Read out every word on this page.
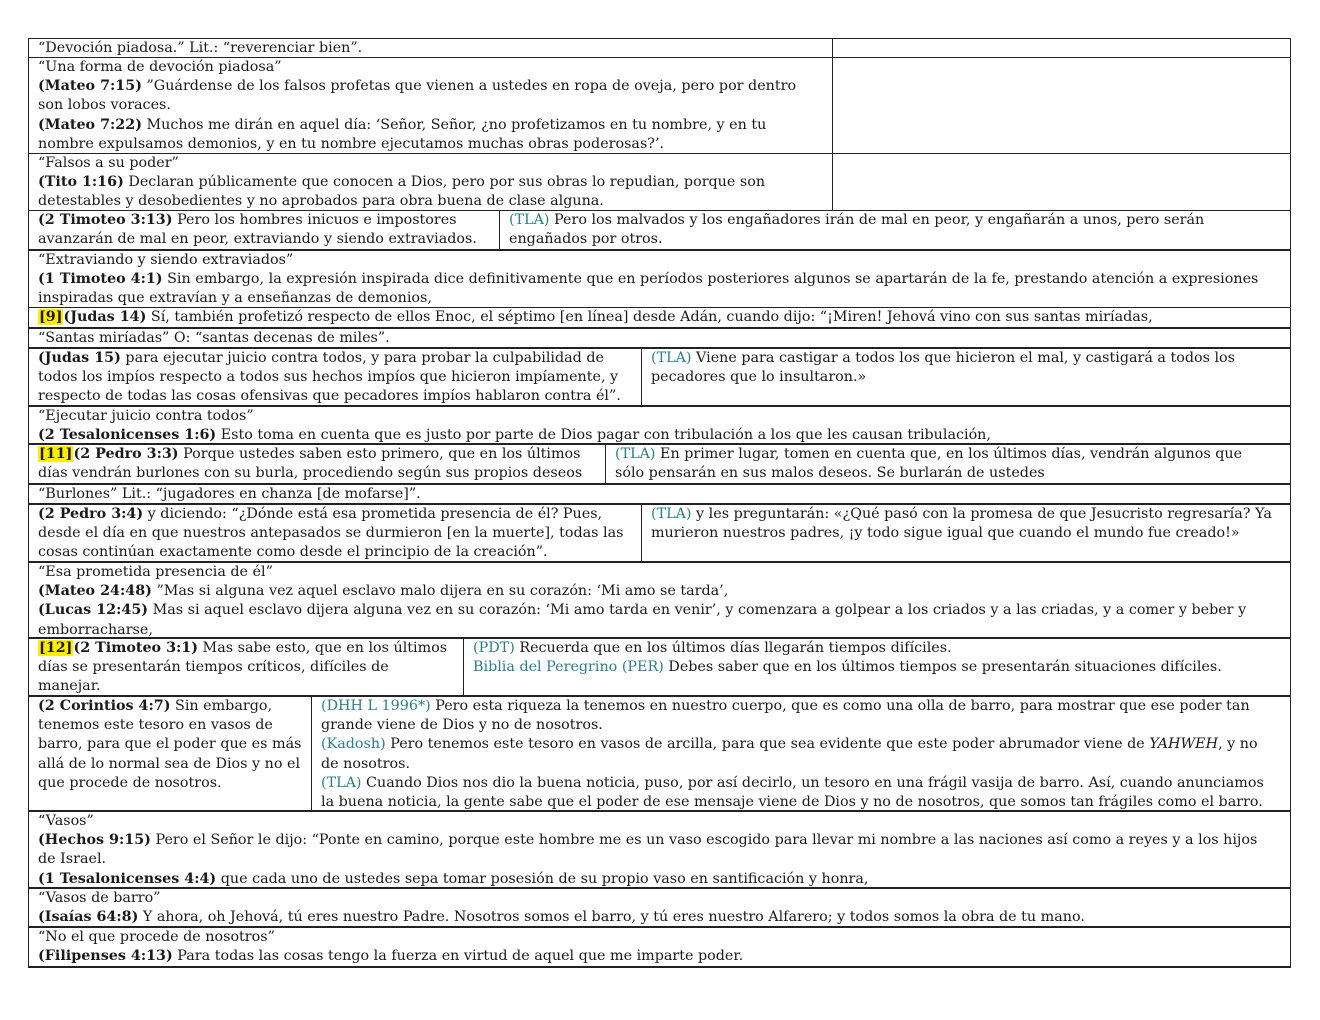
“Devoción piadosa.” Lit.: “reverenciar bien”.
“Una forma de devoción piadosa”
(Mateo 7:15) ”Guárdense de los falsos profetas que vienen a ustedes en ropa de oveja, pero por dentro
son lobos voraces.
(Mateo 7:22) Muchos me dirán en aquel día: ‘Señor, Señor, ¿no profetizamos en tu nombre, y en tu
nombre expulsamos demonios, y en tu nombre ejecutamos muchas obras poderosas?’.
“Falsos a su poder”
(Tito 1:16) Declaran públicamente que conocen a Dios, pero por sus obras lo repudian, porque son
detestables y desobedientes y no aprobados para obra buena de clase alguna.
(2 Timoteo 3:13) Pero los hombres inicuos e impostores
avanzarán de mal en peor, extraviando y siendo extraviados.
(TLA) Pero los malvados y los engañadores irán de mal en peor, y engañarán a unos, pero serán
engañados por otros.
“Extraviando y siendo extraviados”
(1 Timoteo 4:1) Sin embargo, la expresión inspirada dice definitivamente que en períodos posteriores algunos se apartarán de la fe, prestando atención a expresiones
inspiradas que extravían y a enseñanzas de demonios,
[9](Judas 14) Sí, también profetizó respecto de ellos Enoc, el séptimo [en línea] desde Adán, cuando dijo: “¡Miren! Jehová vino con sus santas miríadas,
“Santas miríadas” O: “santas decenas de miles”.
(Judas 15) para ejecutar juicio contra todos, y para probar la culpabilidad de
todos los impíos respecto a todos sus hechos impíos que hicieron impíamente, y
respecto de todas las cosas ofensivas que pecadores impíos hablaron contra él”.
(TLA) Viene para castigar a todos los que hicieron el mal, y castigará a todos los
pecadores que lo insultaron.»
“Ejecutar juicio contra todos”
(2 Tesalonicenses 1:6) Esto toma en cuenta que es justo por parte de Dios pagar con tribulación a los que les causan tribulación,
[11](2 Pedro 3:3) Porque ustedes saben esto primero, que en los últimos
días vendrán burlones con su burla, procediendo según sus propios deseos
(TLA) En primer lugar, tomen en cuenta que, en los últimos días, vendrán algunos que
sólo pensarán en sus malos deseos. Se burlarán de ustedes
“Burlones” Lit.: “jugadores en chanza [de mofarse]”.
(2 Pedro 3:4) y diciendo: “¿Dónde está esa prometida presencia de él? Pues,
desde el día en que nuestros antepasados se durmieron [en la muerte], todas las
cosas continúan exactamente como desde el principio de la creación”.
(TLA) y les preguntarán: «¿Qué pasó con la promesa de que Jesucristo regresaría? Ya
murieron nuestros padres, ¡y todo sigue igual que cuando el mundo fue creado!»
“Esa prometida presencia de él”
(Mateo 24:48) ”Mas si alguna vez aquel esclavo malo dijera en su corazón: ‘Mi amo se tarda’,
(Lucas 12:45) Mas si aquel esclavo dijera alguna vez en su corazón: ‘Mi amo tarda en venir’, y comenzara a golpear a los criados y a las criadas, y a comer y beber y
emborracharse,
[12](2 Timoteo 3:1) Mas sabe esto, que en los últimos
días se presentarán tiempos críticos, difíciles de
manejar.
(PDT) Recuerda que en los últimos días llegarán tiempos difíciles.
Biblia del Peregrino (PER) Debes saber que en los últimos tiempos se presentarán situaciones difíciles.
(2 Corintios 4:7) Sin embargo,
tenemos este tesoro en vasos de
barro, para que el poder que es más
allá de lo normal sea de Dios y no el
que procede de nosotros.
(DHH L 1996*) Pero esta riqueza la tenemos en nuestro cuerpo, que es como una olla de barro, para mostrar que ese poder tan
grande viene de Dios y no de nosotros.
(Kadosh) Pero tenemos este tesoro en vasos de arcilla, para que sea evidente que este poder abrumador viene de YAHWEH, y no
de nosotros.
(TLA) Cuando Dios nos dio la buena noticia, puso, por así decirlo, un tesoro en una frágil vasija de barro. Así, cuando anunciamos
la buena noticia, la gente sabe que el poder de ese mensaje viene de Dios y no de nosotros, que somos tan frágiles como el barro.
“Vasos”
(Hechos 9:15) Pero el Señor le dijo: “Ponte en camino, porque este hombre me es un vaso escogido para llevar mi nombre a las naciones así como a reyes y a los hijos
de Israel.
(1 Tesalonicenses 4:4) que cada uno de ustedes sepa tomar posesión de su propio vaso en santificación y honra,
“Vasos de barro”
(Isaías 64:8) Y ahora, oh Jehová, tú eres nuestro Padre. Nosotros somos el barro, y tú eres nuestro Alfarero; y todos somos la obra de tu mano.
“No el que procede de nosotros”
(Filipenses 4:13) Para todas las cosas tengo la fuerza en virtud de aquel que me imparte poder.
